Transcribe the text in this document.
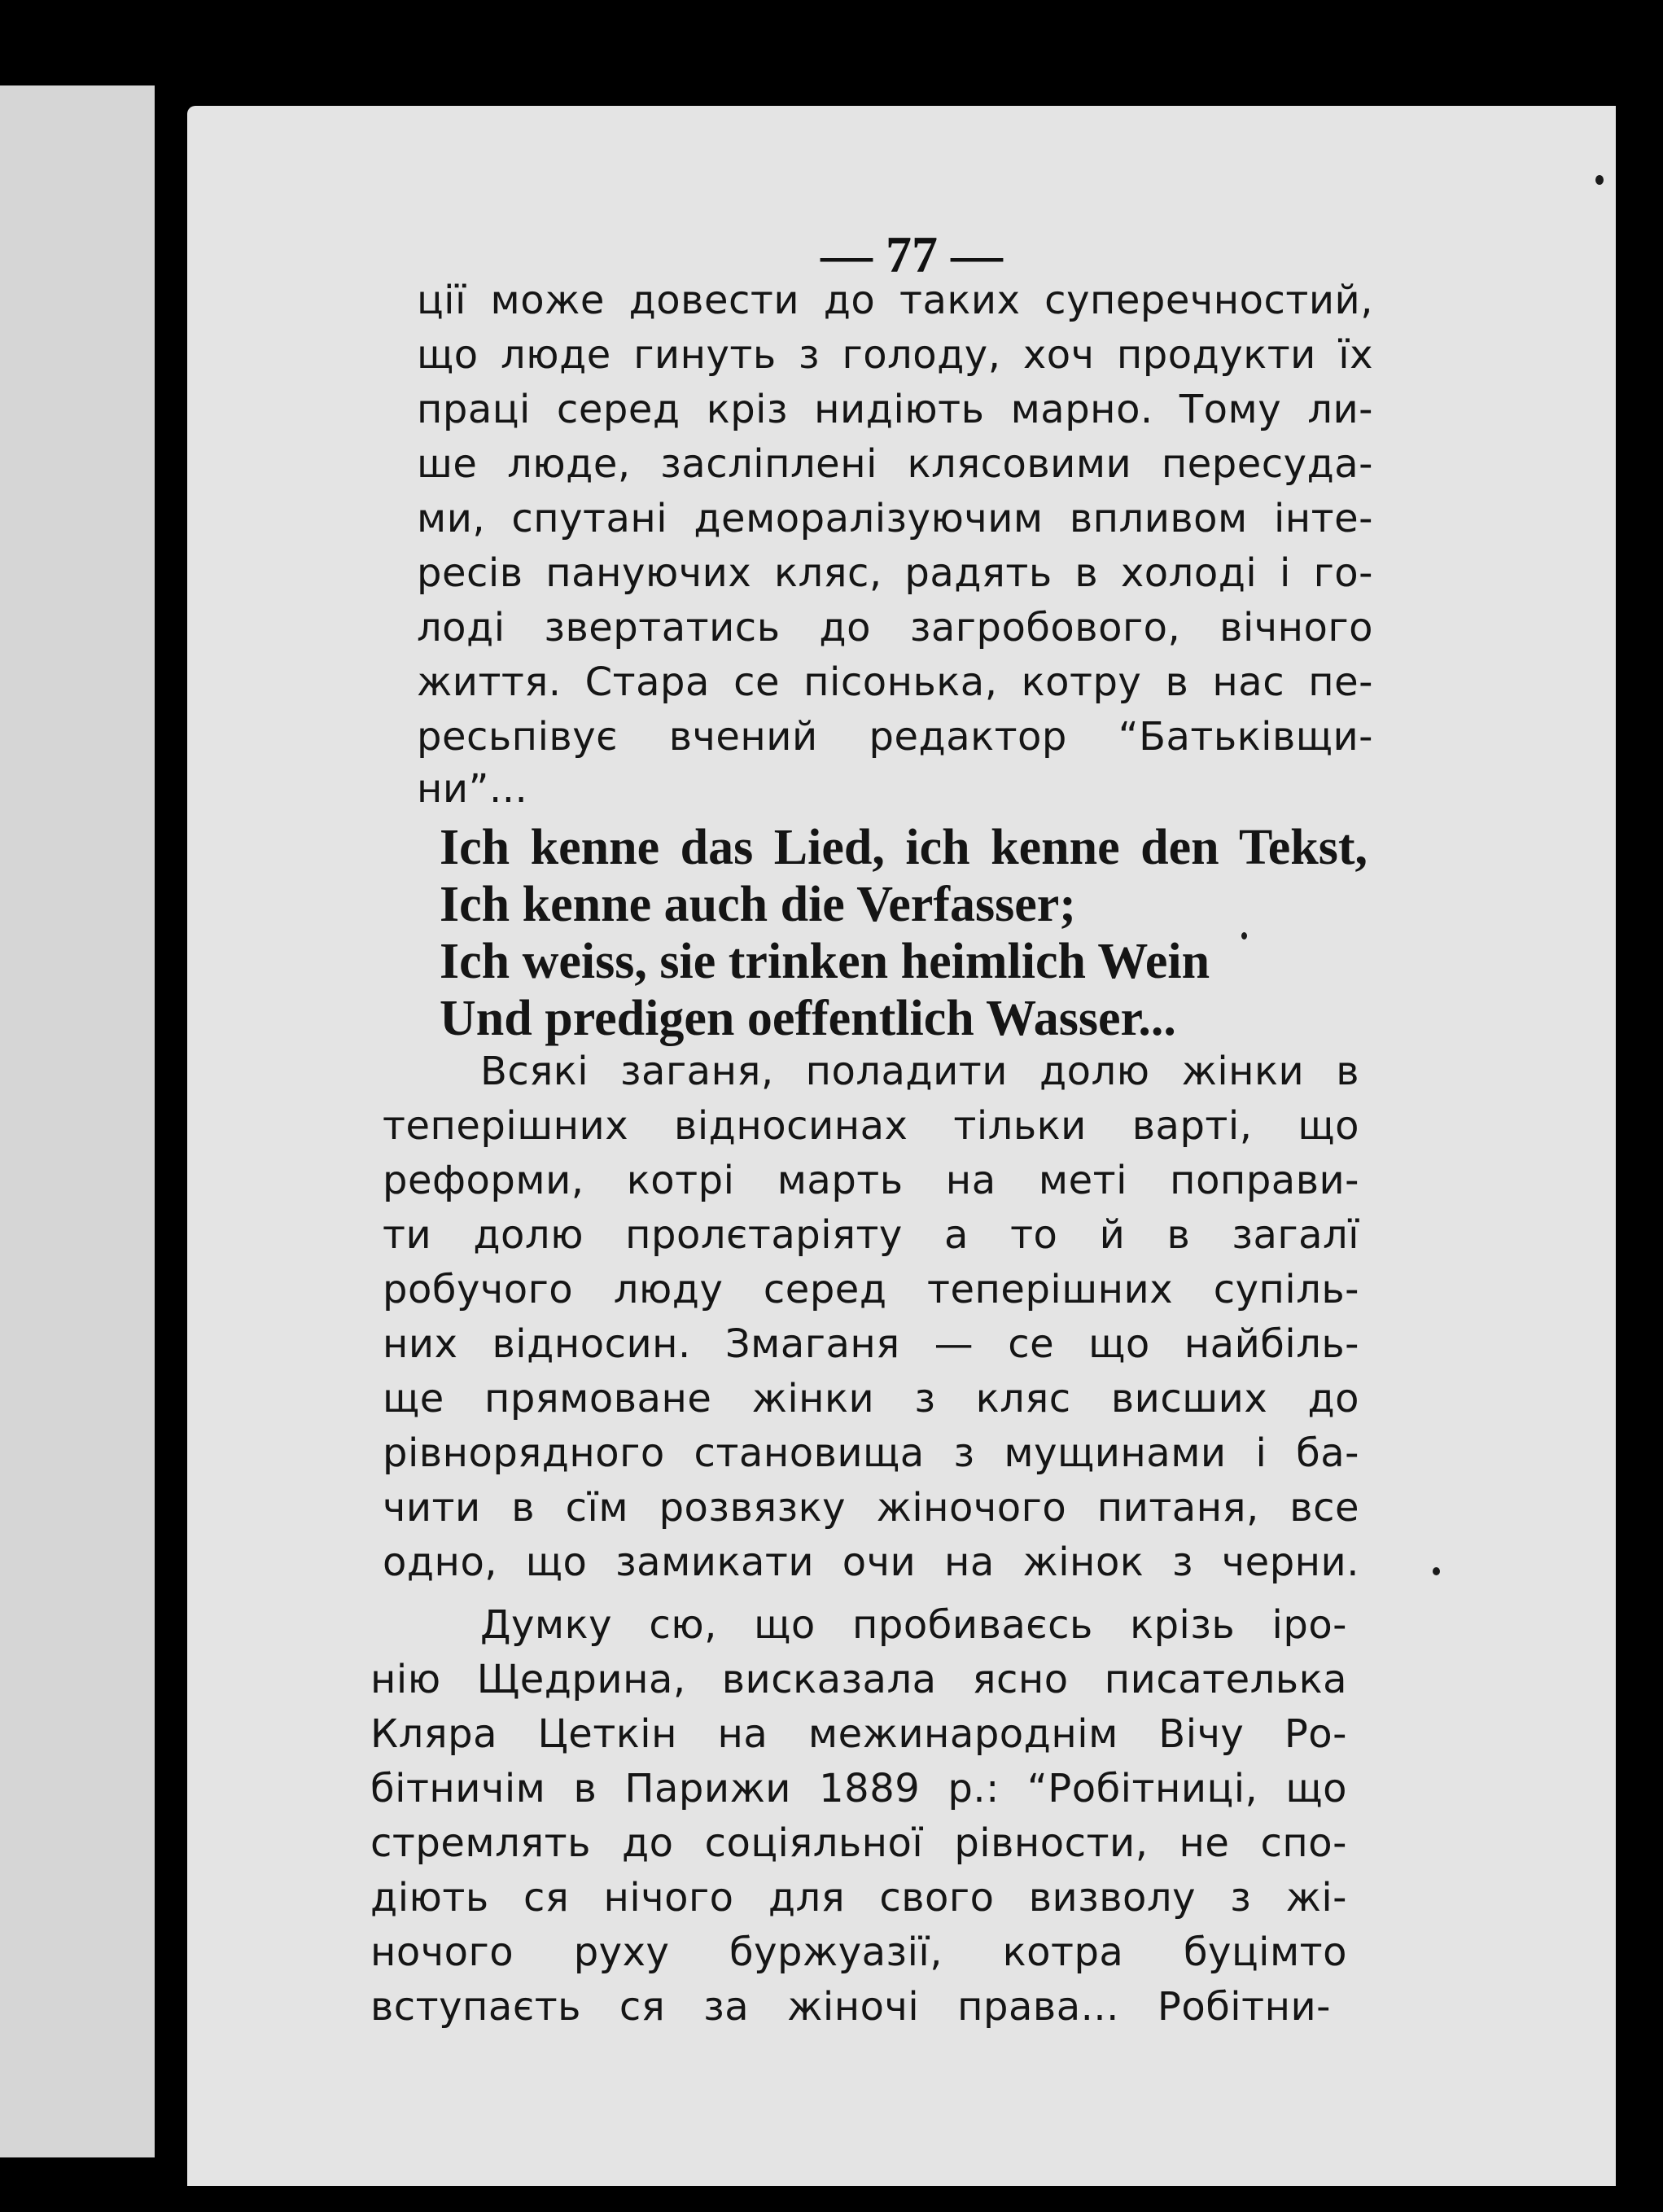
— 77 —
ції може довести до таких суперечностий,
що люде гинуть з голоду, хоч продукти їх
праці серед кріз нидіють марно. Тому ли-
ше люде, засліплені клясовими пересуда-
ми, спутані деморалізуючим впливом інте-
ресів пануючих кляс, радять в холоді і го-
лоді звертатись до загробового, вічного
життя. Стара се пісонька, котру в нас пе-
ресьпівує вчений редактор “Батьківщи-
ни”...
Ich kenne das Lied, ich kenne den Tekst,
Ich kenne auch die Verfasser;
Ich weiss, sie trinken heimlich Wein
Und predigen oeffentlich Wasser...
Всякі заганя, поладити долю жінки в
теперішних відносинах тільки варті, що
реформи, котрі марть на меті поправи-
ти долю пролєтаріяту а то й в загалї
робучого люду серед теперішних супіль-
них відносин. Змаганя — се що найбіль-
ще прямоване жінки з кляс висших до
рівнорядного становища з мущинами і ба-
чити в сїм розвязку жіночого питаня, все
одно, що замикати очи на жінок з черни.
Думку сю, що пробиваєсь крізь іро-
нію Щедрина, висказала ясно писателька
Кляра Цеткін на межинароднім Вічу Ро-
бітничім в Парижи 1889 р.: “Робітниці, що
стремлять до соціяльної рівности, не спо-
діють ся нічого для свого визволу з жі-
ночого руху буржуазії, котра буцімто
вступаєть ся за жіночі права... Робітни-
